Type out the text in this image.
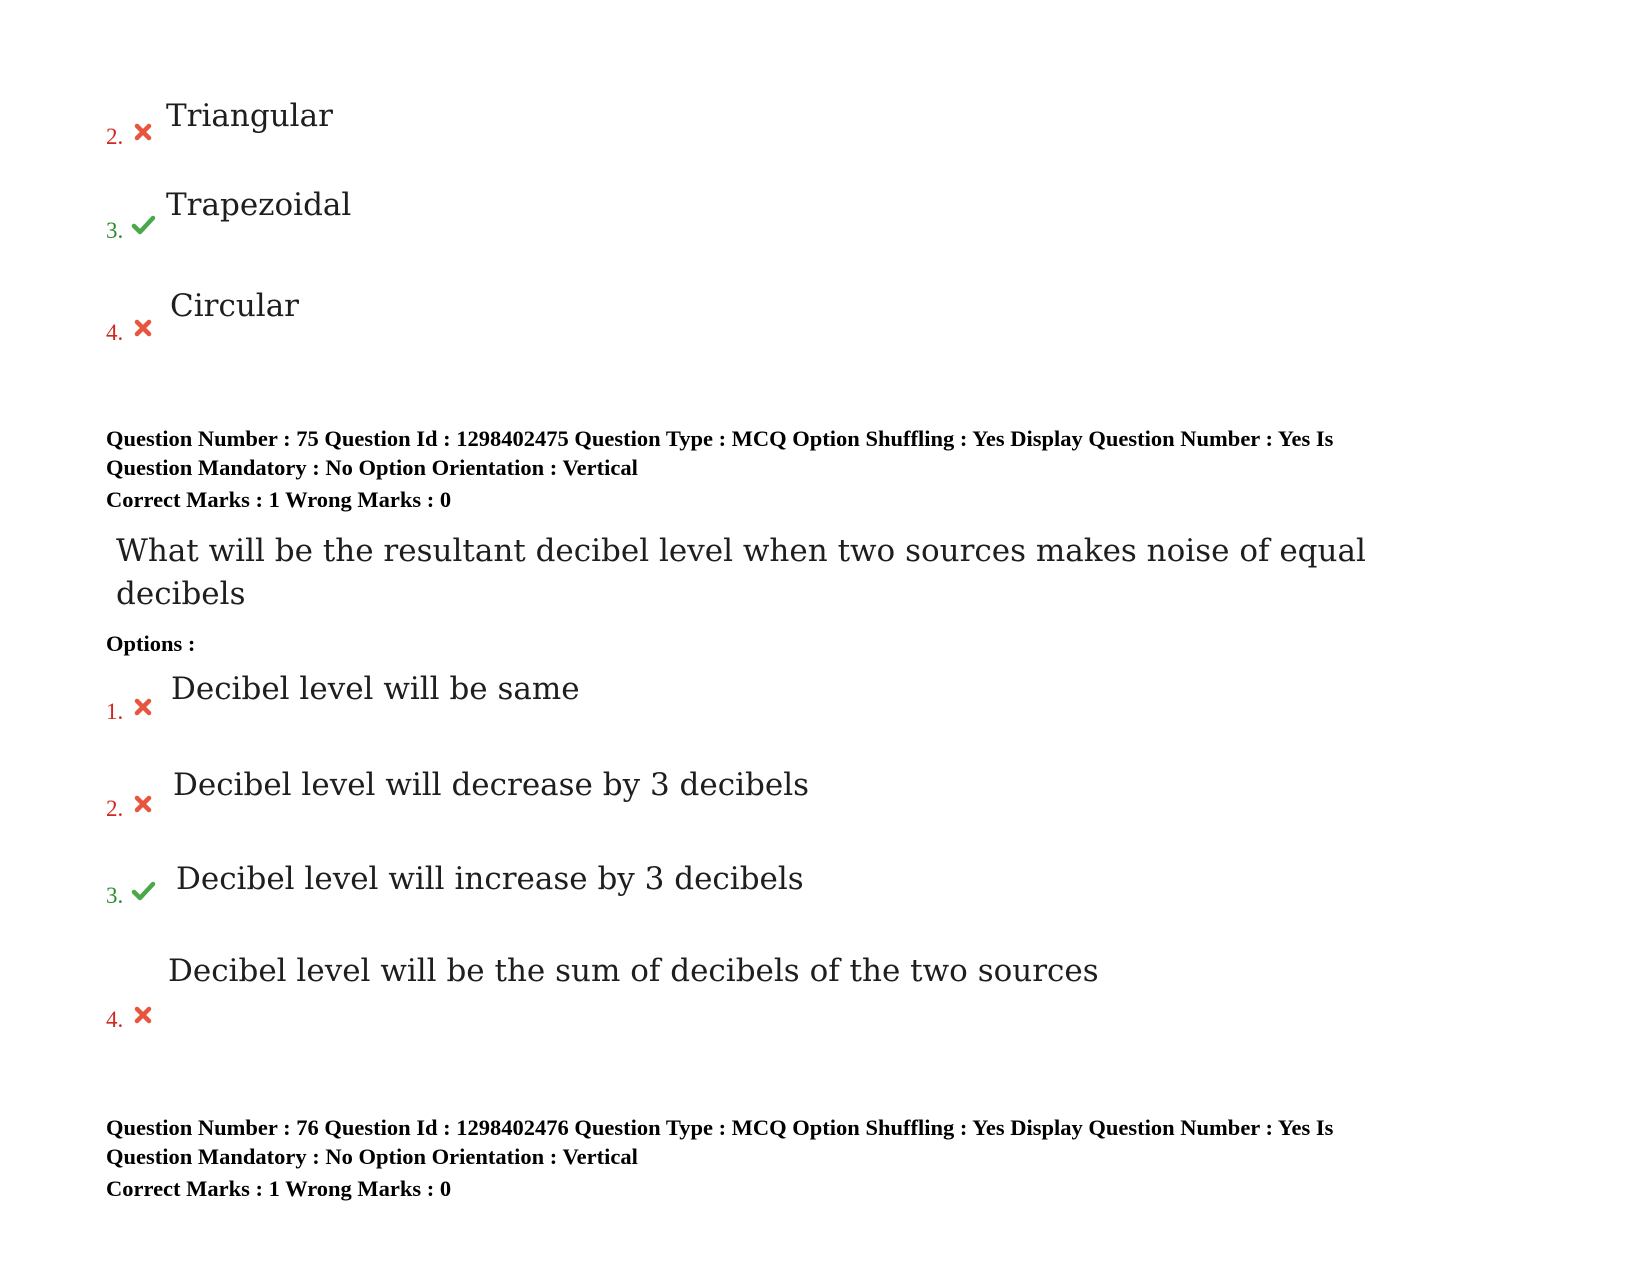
2.
Triangular
3.
Trapezoidal
4.
Circular
Question Number : 75 Question Id : 1298402475 Question Type : MCQ Option Shuffling : Yes Display Question Number : Yes Is
Question Mandatory : No Option Orientation : Vertical
Correct Marks : 1 Wrong Marks : 0
What will be the resultant decibel level when two sources makes noise of equal
decibels
Options :
1.
Decibel level will be same
2.
Decibel level will decrease by 3 decibels
3. Decibel level will increase by 3 decibels
4.
Decibel level will be the sum of decibels of the two sources
Question Number : 76 Question Id : 1298402476 Question Type : MCQ Option Shuffling : Yes Display Question Number : Yes Is
Question Mandatory : No Option Orientation : Vertical
Correct Marks : 1 Wrong Marks : 0
